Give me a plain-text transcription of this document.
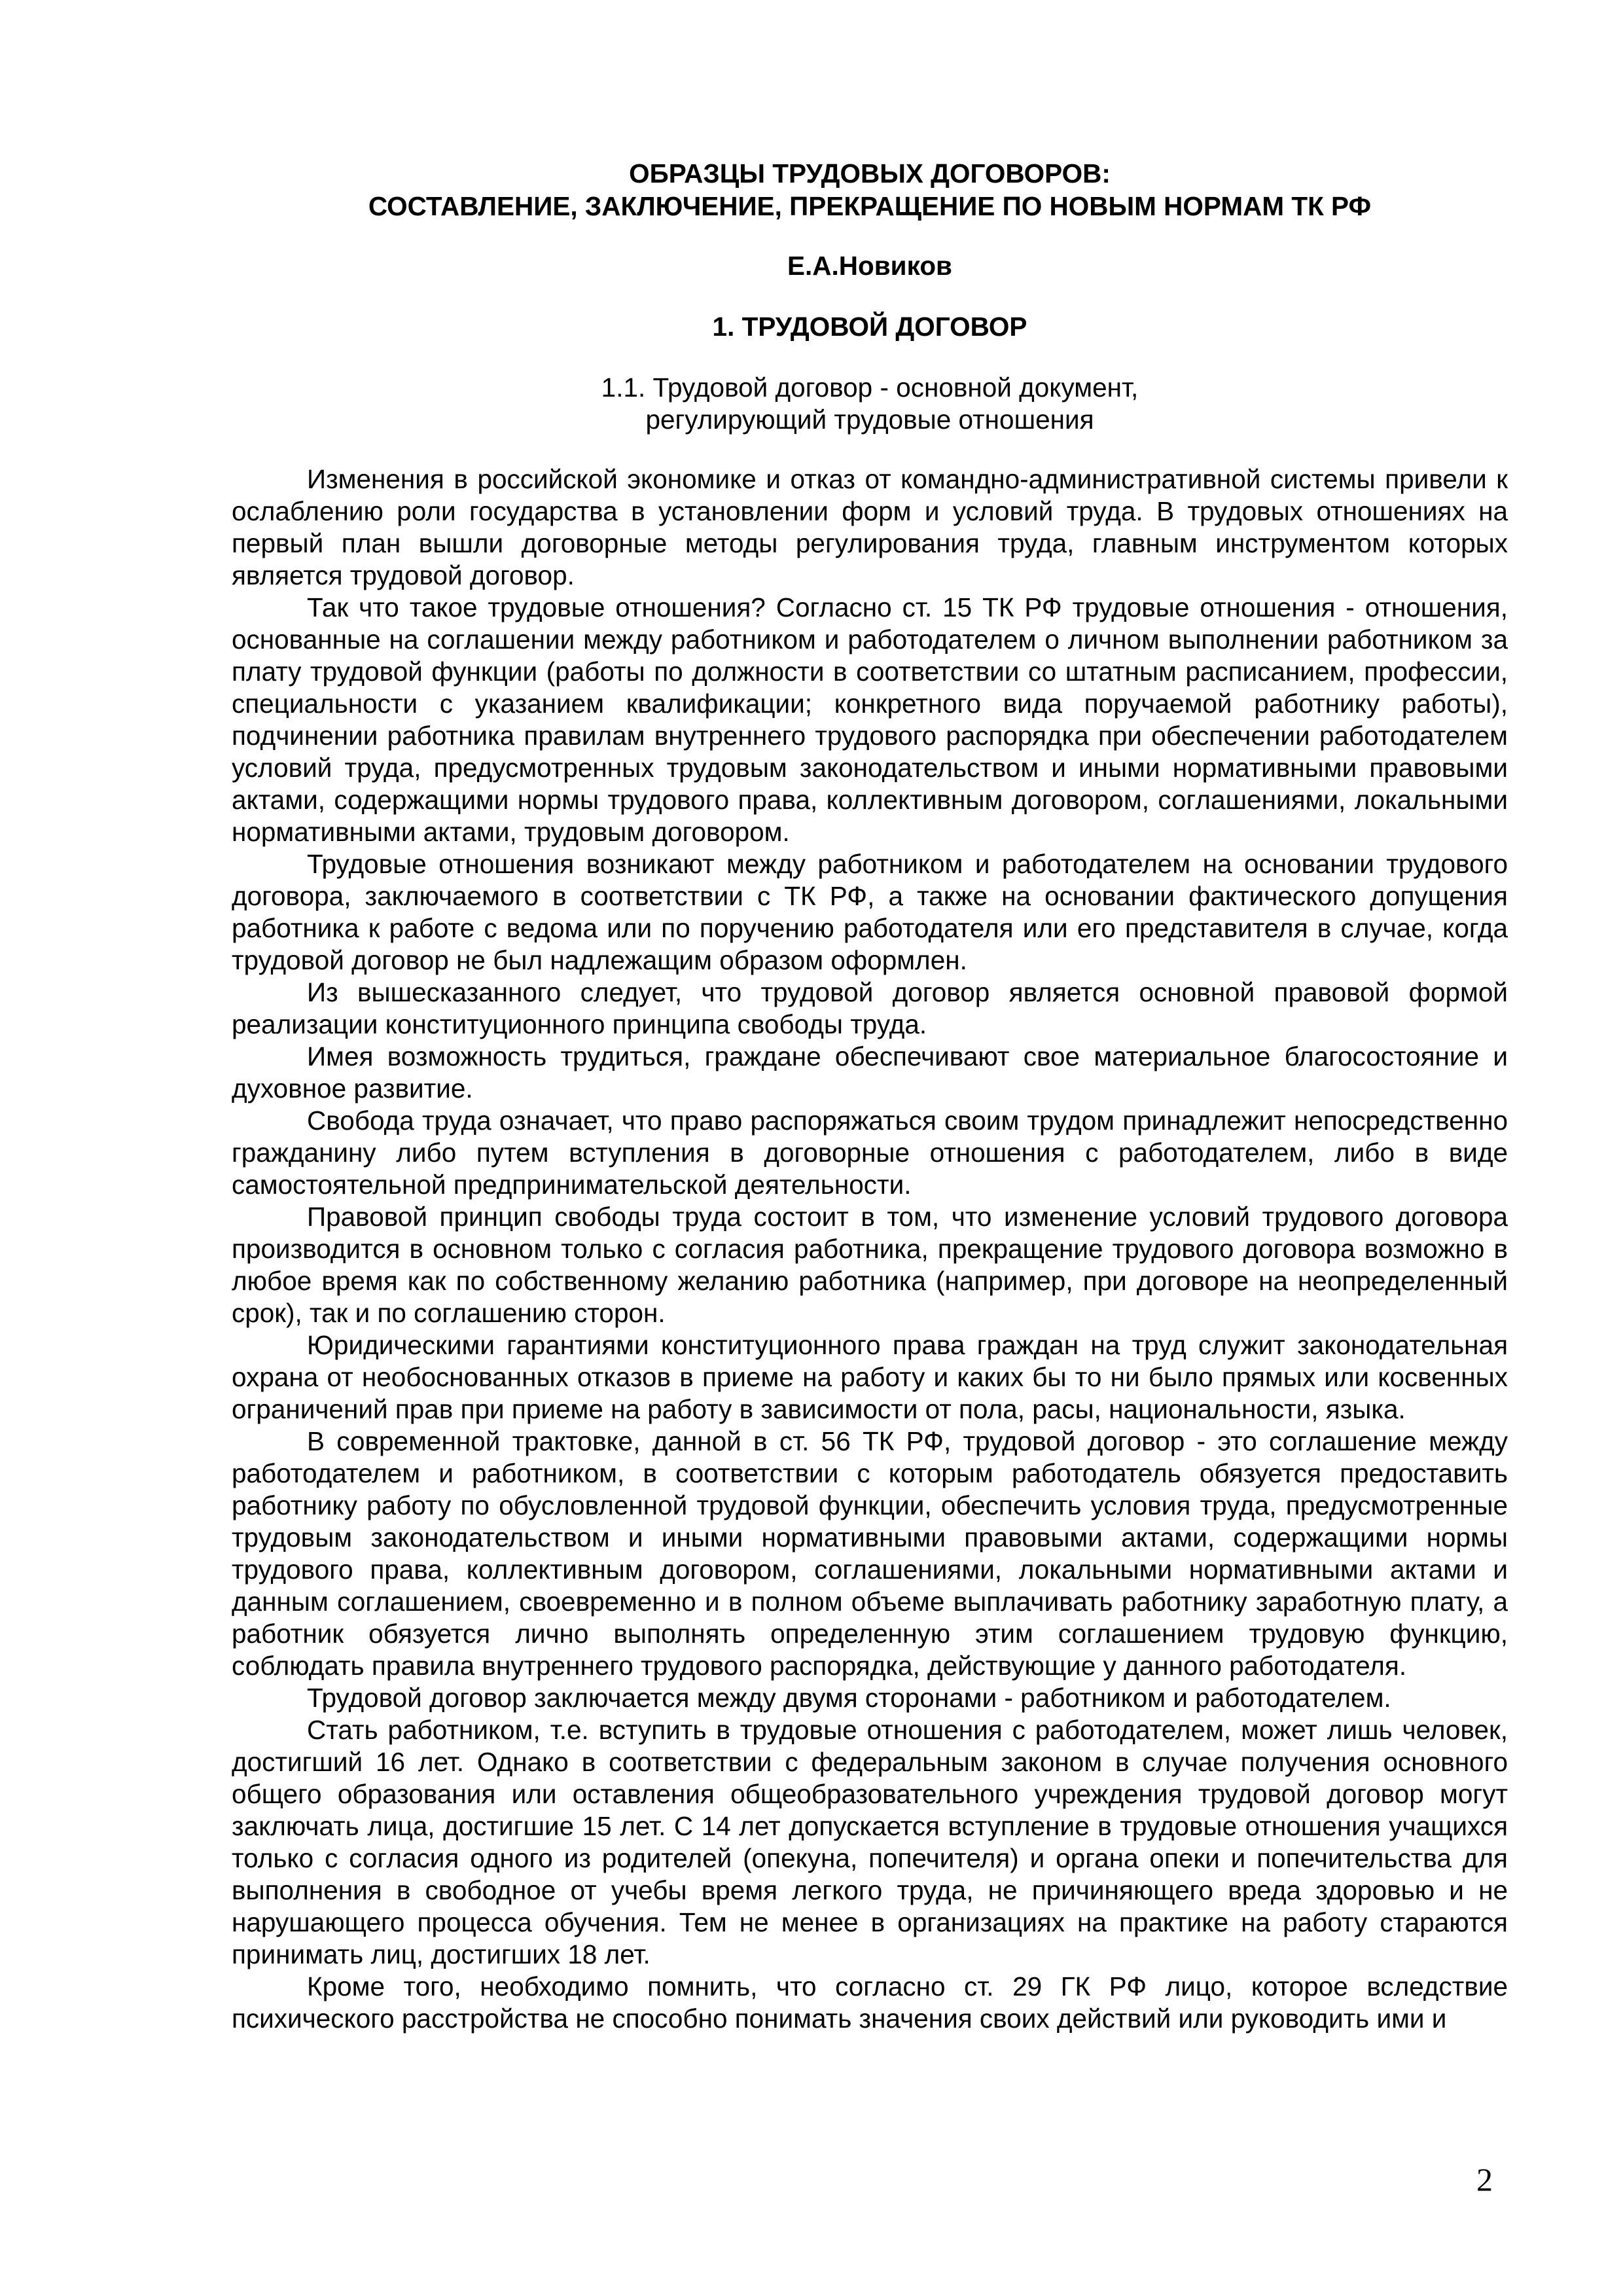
ОБРАЗЦЫ ТРУДОВЫХ ДОГОВОРОВ:
СОСТАВЛЕНИЕ, ЗАКЛЮЧЕНИЕ, ПРЕКРАЩЕНИЕ ПО НОВЫМ НОРМАМ ТК РФ

Е.А.Новиков

1. ТРУДОВОЙ ДОГОВОР

1.1. Трудовой договор - основной документ,
регулирующий трудовые отношения

Изменения в российской экономике и отказ от командно-административной системы привели к ослаблению роли государства в установлении форм и условий труда. В трудовых отношениях на первый план вышли договорные методы регулирования труда, главным инструментом которых является трудовой договор.

Так что такое трудовые отношения? Согласно ст. 15 ТК РФ трудовые отношения - отношения, основанные на соглашении между работником и работодателем о личном выполнении работником за плату трудовой функции (работы по должности в соответствии со штатным расписанием, профессии, специальности с указанием квалификации; конкретного вида поручаемой работнику работы), подчинении работника правилам внутреннего трудового распорядка при обеспечении работодателем условий труда, предусмотренных трудовым законодательством и иными нормативными правовыми актами, содержащими нормы трудового права, коллективным договором, соглашениями, локальными нормативными актами, трудовым договором.

Трудовые отношения возникают между работником и работодателем на основании трудового договора, заключаемого в соответствии с ТК РФ, а также на основании фактического допущения работника к работе с ведома или по поручению работодателя или его представителя в случае, когда трудовой договор не был надлежащим образом оформлен.

Из вышесказанного следует, что трудовой договор является основной правовой формой реализации конституционного принципа свободы труда.

Имея возможность трудиться, граждане обеспечивают свое материальное благосостояние и духовное развитие.

Свобода труда означает, что право распоряжаться своим трудом принадлежит непосредственно гражданину либо путем вступления в договорные отношения с работодателем, либо в виде самостоятельной предпринимательской деятельности.

Правовой принцип свободы труда состоит в том, что изменение условий трудового договора производится в основном только с согласия работника, прекращение трудового договора возможно в любое время как по собственному желанию работника (например, при договоре на неопределенный срок), так и по соглашению сторон.

Юридическими гарантиями конституционного права граждан на труд служит законодательная охрана от необоснованных отказов в приеме на работу и каких бы то ни было прямых или косвенных ограничений прав при приеме на работу в зависимости от пола, расы, национальности, языка.

В современной трактовке, данной в ст. 56 ТК РФ, трудовой договор - это соглашение между работодателем и работником, в соответствии с которым работодатель обязуется предоставить работнику работу по обусловленной трудовой функции, обеспечить условия труда, предусмотренные трудовым законодательством и иными нормативными правовыми актами, содержащими нормы трудового права, коллективным договором, соглашениями, локальными нормативными актами и данным соглашением, своевременно и в полном объеме выплачивать работнику заработную плату, а работник обязуется лично выполнять определенную этим соглашением трудовую функцию, соблюдать правила внутреннего трудового распорядка, действующие у данного работодателя.

Трудовой договор заключается между двумя сторонами - работником и работодателем.

Стать работником, т.е. вступить в трудовые отношения с работодателем, может лишь человек, достигший 16 лет. Однако в соответствии с федеральным законом в случае получения основного общего образования или оставления общеобразовательного учреждения трудовой договор могут заключать лица, достигшие 15 лет. С 14 лет допускается вступление в трудовые отношения учащихся только с согласия одного из родителей (опекуна, попечителя) и органа опеки и попечительства для выполнения в свободное от учебы время легкого труда, не причиняющего вреда здоровью и не нарушающего процесса обучения. Тем не менее в организациях на практике на работу стараются принимать лиц, достигших 18 лет.

Кроме того, необходимо помнить, что согласно ст. 29 ГК РФ лицо, которое вследствие психического расстройства не способно понимать значения своих действий или руководить ими и

2
